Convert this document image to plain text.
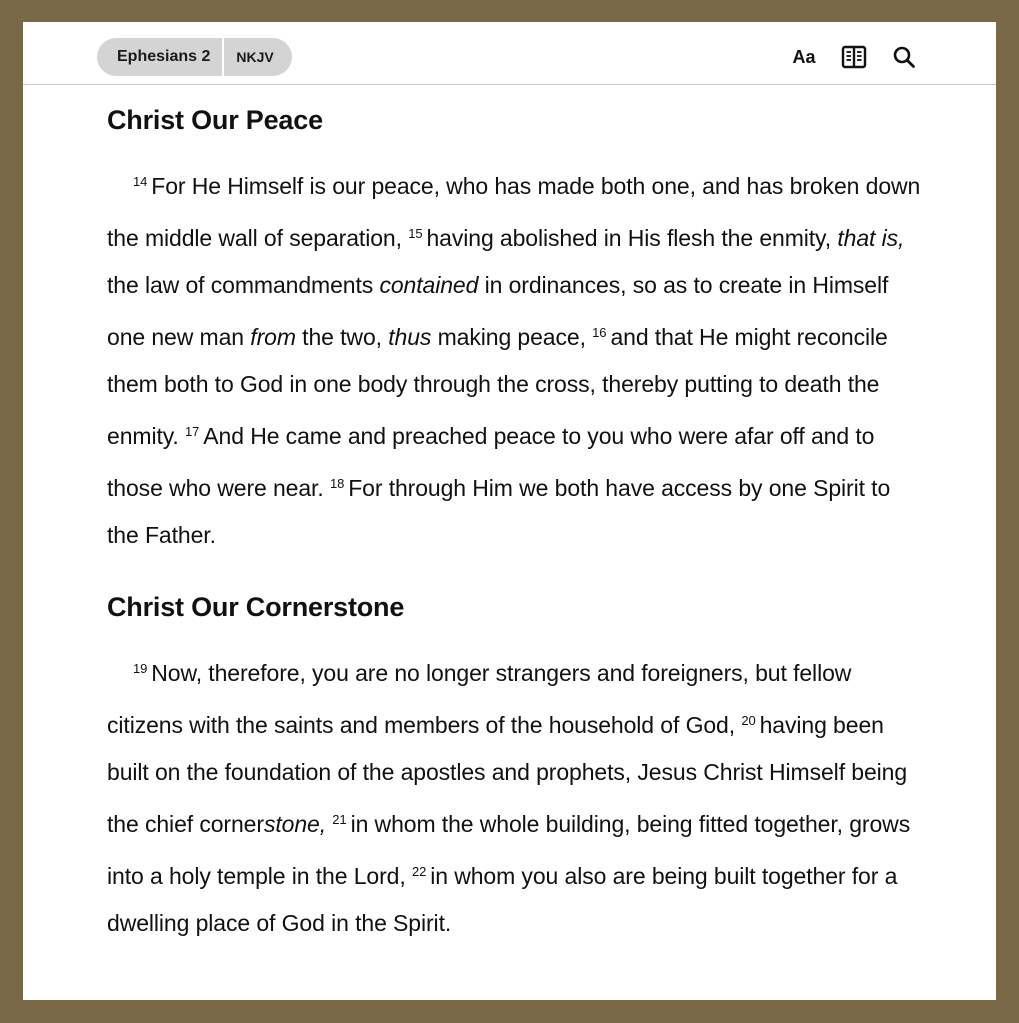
Ephesians 2	NKJV	Aa
Christ Our Peace

$^{14}$ For He Himself is our peace, who has made both one, and has broken down the middle wall of separation, $^{15}$ having abolished in His flesh the enmity, that is, the law of commandments contained in ordinances, so as to create in Himself one new man from the two, thus making peace, $^{16}$ and that He might reconcile them both to God in one body through the cross, thereby putting to death the enmity. $^{17}$ And He came and preached peace to you who were afar off and to those who were near. $^{18}$ For through Him we both have access by one Spirit to the Father.

Christ Our Cornerstone

$^{19}$ Now, therefore, you are no longer strangers and foreigners, but fellow citizens with the saints and members of the household of God, $^{20}$ having been built on the foundation of the apostles and prophets, Jesus Christ Himself being the chief cornerstone, $^{21}$ in whom the whole building, being fitted together, grows into a holy temple in the Lord, $^{22}$ in whom you also are being built together for a dwelling place of God in the Spirit.
